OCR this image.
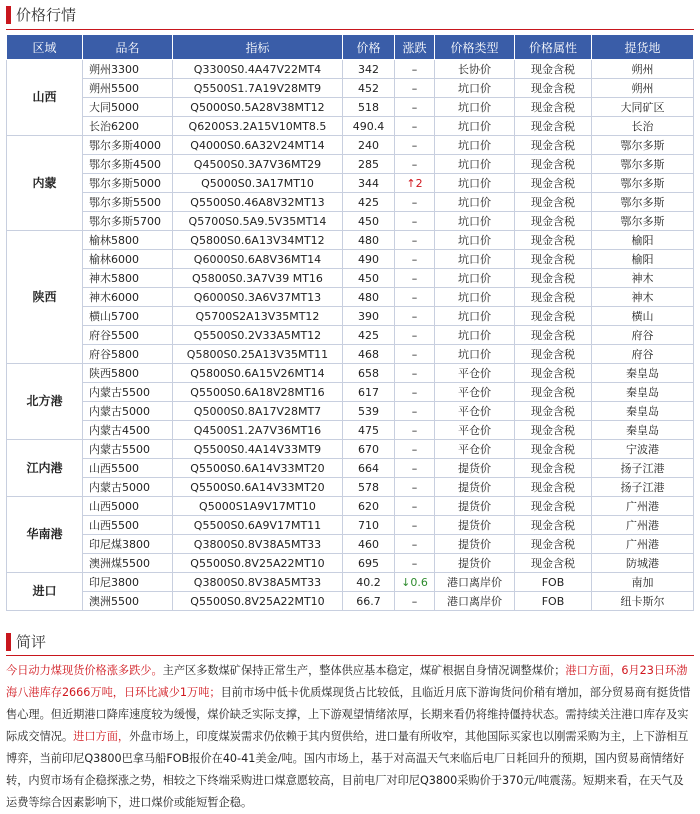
价格行情
区域	品名	指标	价格	涨跌	价格类型	价格属性	提货地
山西	朔州3300	Q3300S0.4A47V22MT4	342	–	长协价	现金含税	朔州
	朔州5500	Q5500S1.7A19V28MT9	452	–	坑口价	现金含税	朔州
	大同5000	Q5000S0.5A28V38MT12	518	–	坑口价	现金含税	大同矿区
	长治6200	Q6200S3.2A15V10MT8.5	490.4	–	坑口价	现金含税	长治
内蒙	鄂尔多斯4000	Q4000S0.6A32V24MT14	240	–	坑口价	现金含税	鄂尔多斯
	鄂尔多斯4500	Q4500S0.3A7V36MT29	285	–	坑口价	现金含税	鄂尔多斯
	鄂尔多斯5000	Q5000S0.3A17MT10	344	↑2	坑口价	现金含税	鄂尔多斯
	鄂尔多斯5500	Q5500S0.46A8V32MT13	425	–	坑口价	现金含税	鄂尔多斯
	鄂尔多斯5700	Q5700S0.5A9.5V35MT14	450	–	坑口价	现金含税	鄂尔多斯
陕西	榆林5800	Q5800S0.6A13V34MT12	480	–	坑口价	现金含税	榆阳
	榆林6000	Q6000S0.6A8V36MT14	490	–	坑口价	现金含税	榆阳
	神木5800	Q5800S0.3A7V39 MT16	450	–	坑口价	现金含税	神木
	神木6000	Q6000S0.3A6V37MT13	480	–	坑口价	现金含税	神木
	横山5700	Q5700S2A13V35MT12	390	–	坑口价	现金含税	横山
	府谷5500	Q5500S0.2V33A5MT12	425	–	坑口价	现金含税	府谷
	府谷5800	Q5800S0.25A13V35MT11	468	–	坑口价	现金含税	府谷
北方港	陕西5800	Q5800S0.6A15V26MT14	658	–	平仓价	现金含税	秦皇岛
	内蒙古5500	Q5500S0.6A18V28MT16	617	–	平仓价	现金含税	秦皇岛
	内蒙古5000	Q5000S0.8A17V28MT7	539	–	平仓价	现金含税	秦皇岛
	内蒙古4500	Q4500S1.2A7V36MT16	475	–	平仓价	现金含税	秦皇岛
江内港	内蒙古5500	Q5500S0.4A14V33MT9	670	–	平仓价	现金含税	宁波港
	山西5500	Q5500S0.6A14V33MT20	664	–	提货价	现金含税	扬子江港
	内蒙古5000	Q5500S0.6A14V33MT20	578	–	提货价	现金含税	扬子江港
华南港	山西5000	Q5000S1A9V17MT10	620	–	提货价	现金含税	广州港
	山西5500	Q5500S0.6A9V17MT11	710	–	提货价	现金含税	广州港
	印尼煤3800	Q3800S0.8V38A5MT33	460	–	提货价	现金含税	广州港
	澳洲煤5500	Q5500S0.8V25A22MT10	695	–	提货价	现金含税	防城港
进口	印尼3800	Q3800S0.8V38A5MT33	40.2	↓0.6	港口离岸价	FOB	南加
	澳洲5500	Q5500S0.8V25A22MT10	66.7	–	港口离岸价	FOB	纽卡斯尔
简评
今日动力煤现货价格涨多跌少。主产区多数煤矿保持正常生产，整体供应基本稳定，煤矿根据自身情况调整煤价；港口方面，6月23日环渤海八港库存2666万吨，日环比减少1万吨；目前市场中低卡优质煤现货占比较低，且临近月底下游询货问价稍有增加，部分贸易商有挺货惜售心理。但近期港口降库速度较为缓慢，煤价缺乏实际支撑，上下游观望情绪浓厚，长期来看仍将维持僵持状态。需持续关注港口库存及实际成交情况。进口方面，外盘市场上，印度煤炭需求仍依赖于其内贸供给，进口量有所收窄，其他国际买家也以刚需采购为主，上下游相互博弈，当前印尼Q3800巴拿马船FOB报价在40-41美金/吨。国内市场上，基于对高温天气来临后电厂日耗回升的预期，国内贸易商情绪好转，内贸市场有企稳探涨之势，相较之下终端采购进口煤意愿较高，目前电厂对印尼Q3800采购价于370元/吨震荡。短期来看，在天气及运费等综合因素影响下，进口煤价或能短暂企稳。
